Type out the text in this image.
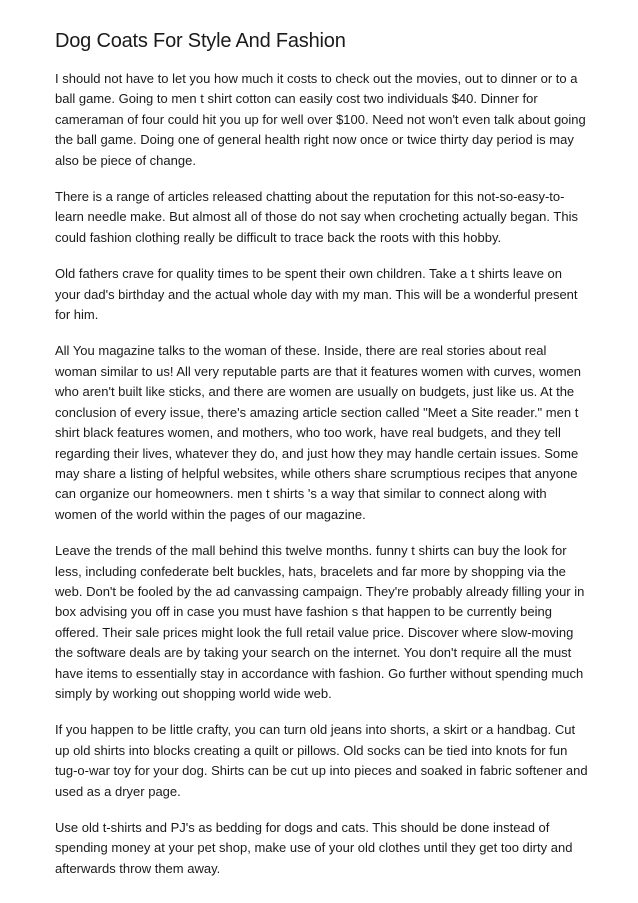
Dog Coats For Style And Fashion

I should not have to let you how much it costs to check out the movies, out to dinner or to a ball game. Going to men t shirt cotton can easily cost two individuals $40. Dinner for cameraman of four could hit you up for well over $100. Need not won't even talk about going the ball game. Doing one of general health right now once or twice thirty day period is may also be piece of change.

There is a range of articles released chatting about the reputation for this not-so-easy-to-learn needle make. But almost all of those do not say when crocheting actually began. This could fashion clothing really be difficult to trace back the roots with this hobby.

Old fathers crave for quality times to be spent their own children. Take a t shirts leave on your dad's birthday and the actual whole day with my man. This will be a wonderful present for him.

All You magazine talks to the woman of these. Inside, there are real stories about real woman similar to us! All very reputable parts are that it features women with curves, women who aren't built like sticks, and there are women are usually on budgets, just like us. At the conclusion of every issue, there's amazing article section called "Meet a Site reader." men t shirt black features women, and mothers, who too work, have real budgets, and they tell regarding their lives, whatever they do, and just how they may handle certain issues. Some may share a listing of helpful websites, while others share scrumptious recipes that anyone can organize our homeowners. men t shirts 's a way that similar to connect along with women of the world within the pages of our magazine.

Leave the trends of the mall behind this twelve months. funny t shirts can buy the look for less, including confederate belt buckles, hats, bracelets and far more by shopping via the web. Don't be fooled by the ad canvassing campaign. They're probably already filling your in box advising you off in case you must have fashion s that happen to be currently being offered. Their sale prices might look the full retail value price. Discover where slow-moving the software deals are by taking your search on the internet. You don't require all the must have items to essentially stay in accordance with fashion. Go further without spending much simply by working out shopping world wide web.

If you happen to be little crafty, you can turn old jeans into shorts, a skirt or a handbag. Cut up old shirts into blocks creating a quilt or pillows. Old socks can be tied into knots for fun tug-o-war toy for your dog. Shirts can be cut up into pieces and soaked in fabric softener and used as a dryer page.

Use old t-shirts and PJ's as bedding for dogs and cats. This should be done instead of spending money at your pet shop, make use of your old clothes until they get too dirty and afterwards throw them away.
